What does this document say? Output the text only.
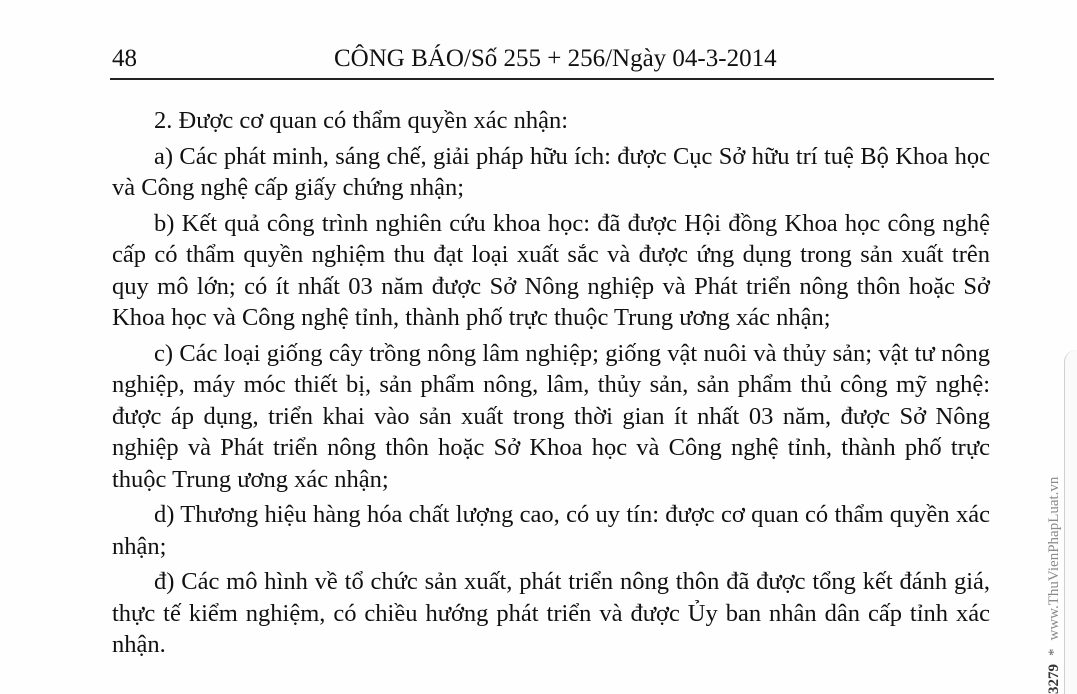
48	CÔNG BÁO/Số 255 + 256/Ngày 04-3-2014

2. Được cơ quan có thẩm quyền xác nhận:

a) Các phát minh, sáng chế, giải pháp hữu ích: được Cục Sở hữu trí tuệ Bộ Khoa học và Công nghệ cấp giấy chứng nhận;

b) Kết quả công trình nghiên cứu khoa học: đã được Hội đồng Khoa học công nghệ cấp có thẩm quyền nghiệm thu đạt loại xuất sắc và được ứng dụng trong sản xuất trên quy mô lớn; có ít nhất 03 năm được Sở Nông nghiệp và Phát triển nông thôn hoặc Sở Khoa học và Công nghệ tỉnh, thành phố trực thuộc Trung ương xác nhận;

c) Các loại giống cây trồng nông lâm nghiệp; giống vật nuôi và thủy sản; vật tư nông nghiệp, máy móc thiết bị, sản phẩm nông, lâm, thủy sản, sản phẩm thủ công mỹ nghệ: được áp dụng, triển khai vào sản xuất trong thời gian ít nhất 03 năm, được Sở Nông nghiệp và Phát triển nông thôn hoặc Sở Khoa học và Công nghệ tỉnh, thành phố trực thuộc Trung ương xác nhận;

d) Thương hiệu hàng hóa chất lượng cao, có uy tín: được cơ quan có thẩm quyền xác nhận;

đ) Các mô hình về tổ chức sản xuất, phát triển nông thôn đã được tổng kết đánh giá, thực tế kiểm nghiệm, có chiều hướng phát triển và được Ủy ban nhân dân cấp tỉnh xác nhận.

3279*www.ThuVienPhapLuat.vn
